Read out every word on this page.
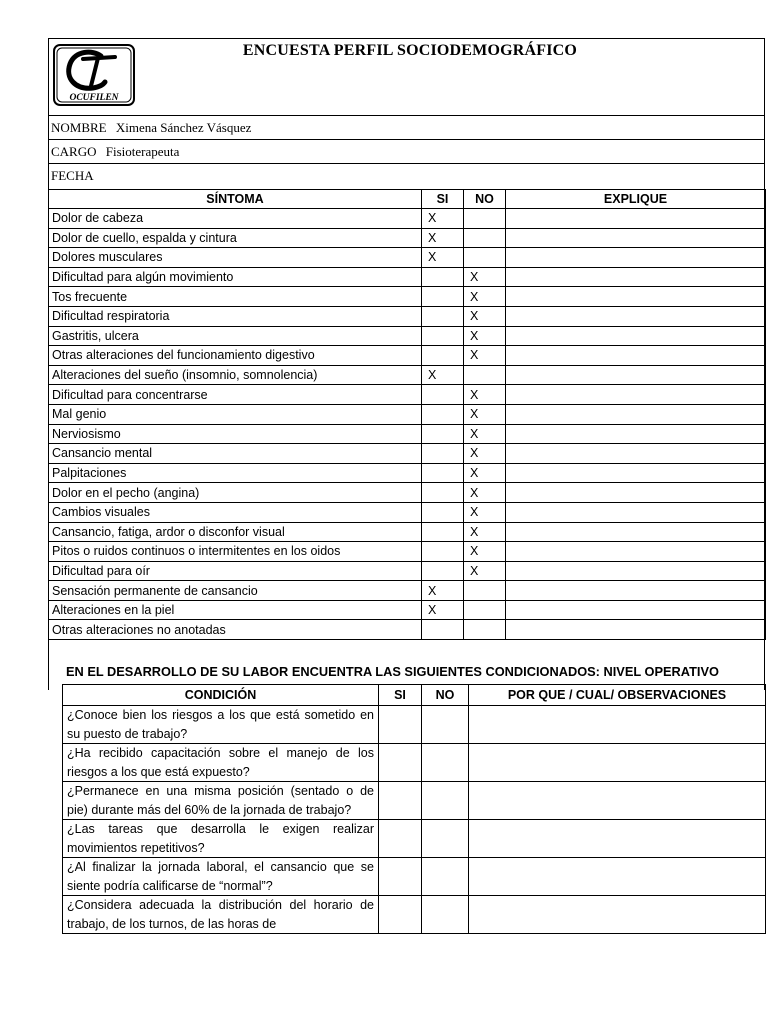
OCUFILEN
ENCUESTA PERFIL SOCIODEMOGRÁFICO
NOMBRE Ximena Sánchez Vásquez
CARGO Fisioterapeuta
FECHA
SÍNTOMA	SI	NO	EXPLIQUE
Dolor de cabeza	X		
Dolor de cuello, espalda y cintura	X		
Dolores musculares	X		
Dificultad para algún movimiento		X	
Tos frecuente		X	
Dificultad respiratoria		X	
Gastritis, ulcera		X	
Otras alteraciones del funcionamiento digestivo		X	
Alteraciones del sueño (insomnio, somnolencia)	X		
Dificultad para concentrarse		X	
Mal genio		X	
Nerviosismo		X	
Cansancio mental		X	
Palpitaciones		X	
Dolor en el pecho (angina)		X	
Cambios visuales		X	
Cansancio, fatiga, ardor o disconfor visual		X	
Pitos o ruidos continuos o intermitentes en los oidos		X	
Dificultad para oír		X	
Sensación permanente de cansancio	X		
Alteraciones en la piel	X		
Otras alteraciones no anotadas			
EN EL DESARROLLO DE SU LABOR ENCUENTRA LAS SIGUIENTES CONDICIONADOS: NIVEL OPERATIVO
CONDICIÓN	SI	NO	POR QUE / CUAL/ OBSERVACIONES
¿Conoce bien los riesgos a los que está sometido en su puesto de trabajo?			
¿Ha recibido capacitación sobre el manejo de los riesgos a los que está expuesto?			
¿Permanece en una misma posición (sentado o de pie) durante más del 60% de la jornada de trabajo?			
¿Las tareas que desarrolla le exigen realizar movimientos repetitivos?			
¿Al finalizar la jornada laboral, el cansancio que se siente podría calificarse de “normal”?			
¿Considera adecuada la distribución del horario de trabajo, de los turnos, de las horas de			
